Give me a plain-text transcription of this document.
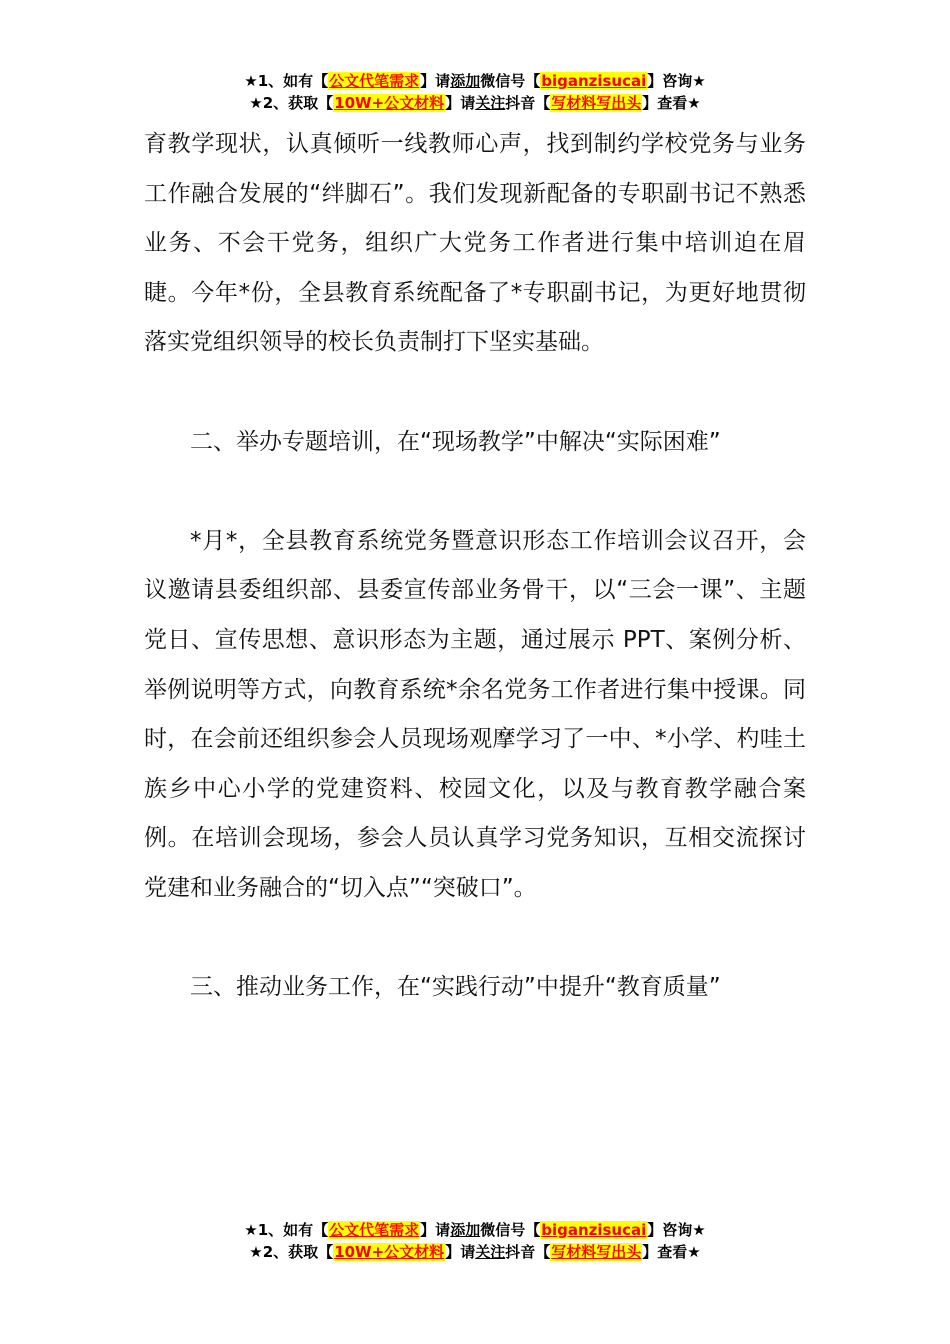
★1、如有【公文代笔需求】请添加微信号【biganzisucai】咨询★
★2、获取【10W+公文材料】请关注抖音【写材料写出头】查看★

育教学现状，认真倾听一线教师心声，找到制约学校党务与业务工作融合发展的“绊脚石”。我们发现新配备的专职副书记不熟悉业务、不会干党务，组织广大党务工作者进行集中培训迫在眉睫。今年*份，全县教育系统配备了*专职副书记，为更好地贯彻落实党组织领导的校长负责制打下坚实基础。

二、举办专题培训，在“现场教学”中解决“实际困难”

*月*，全县教育系统党务暨意识形态工作培训会议召开，会议邀请县委组织部、县委宣传部业务骨干，以“三会一课”、主题党日、宣传思想、意识形态为主题，通过展示 PPT、案例分析、举例说明等方式，向教育系统*余名党务工作者进行集中授课。同时，在会前还组织参会人员现场观摩学习了一中、*小学、杓哇土族乡中心小学的党建资料、校园文化，以及与教育教学融合案例。在培训会现场，参会人员认真学习党务知识，互相交流探讨党建和业务融合的“切入点”“突破口”。

三、推动业务工作，在“实践行动”中提升“教育质量”

★1、如有【公文代笔需求】请添加微信号【biganzisucai】咨询★
★2、获取【10W+公文材料】请关注抖音【写材料写出头】查看★
